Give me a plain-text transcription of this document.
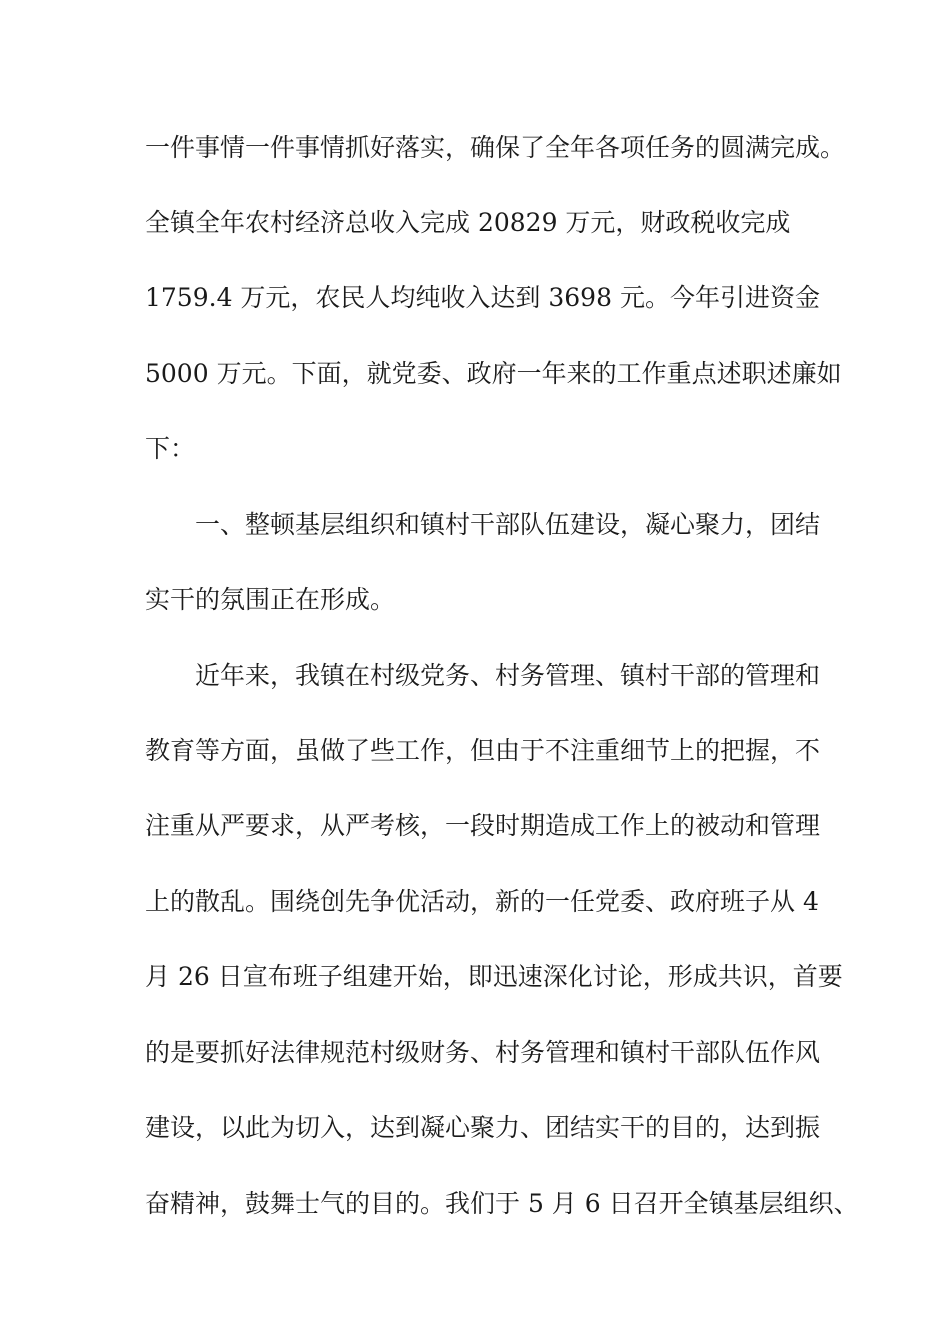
一件事情一件事情抓好落实，确保了全年各项任务的圆满完成。
全镇全年农村经济总收入完成 20829 万元，财政税收完成
1759.4 万元，农民人均纯收入达到 3698 元。今年引进资金
5000 万元。下面，就党委、政府一年来的工作重点述职述廉如
下：
一、整顿基层组织和镇村干部队伍建设，凝心聚力，团结
实干的氛围正在形成。
近年来，我镇在村级党务、村务管理、镇村干部的管理和
教育等方面，虽做了些工作，但由于不注重细节上的把握，不
注重从严要求，从严考核，一段时期造成工作上的被动和管理
上的散乱。围绕创先争优活动，新的一任党委、政府班子从 4
月 26 日宣布班子组建开始，即迅速深化讨论，形成共识，首要
的是要抓好法律规范村级财务、村务管理和镇村干部队伍作风
建设，以此为切入，达到凝心聚力、团结实干的目的，达到振
奋精神，鼓舞士气的目的。我们于 5 月 6 日召开全镇基层组织、
